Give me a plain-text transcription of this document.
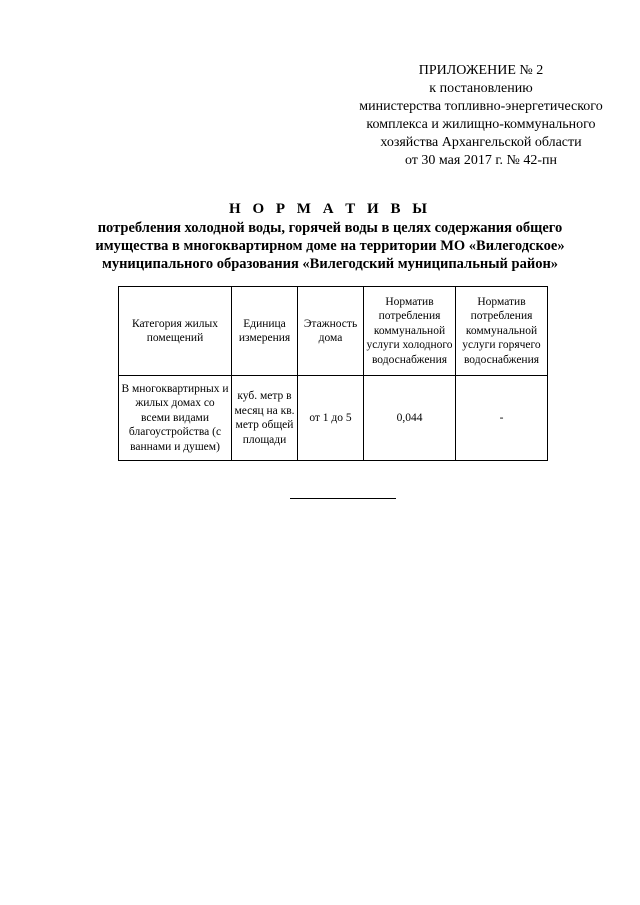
ПРИЛОЖЕНИЕ № 2
к постановлению
министерства топливно-энергетического
комплекса и жилищно-коммунального
хозяйства Архангельской области
от 30 мая 2017 г. № 42-пн
Н О Р М А Т И В Ы
потребления холодной воды, горячей воды в целях содержания общего
имущества в многоквартирном доме на территории МО «Вилегодское»
муниципального образования «Вилегодский муниципальный район»
Категория жилых помещений	Единица измерения	Этажность дома	Норматив потребления коммунальной услуги холодного водоснабжения	Норматив потребления коммунальной услуги горячего водоснабжения
В многоквартирных и жилых домах со всеми видами благоустройства (с ваннами и душем)	куб. метр в месяц на кв. метр общей площади	от 1 до 5	0,044	-
